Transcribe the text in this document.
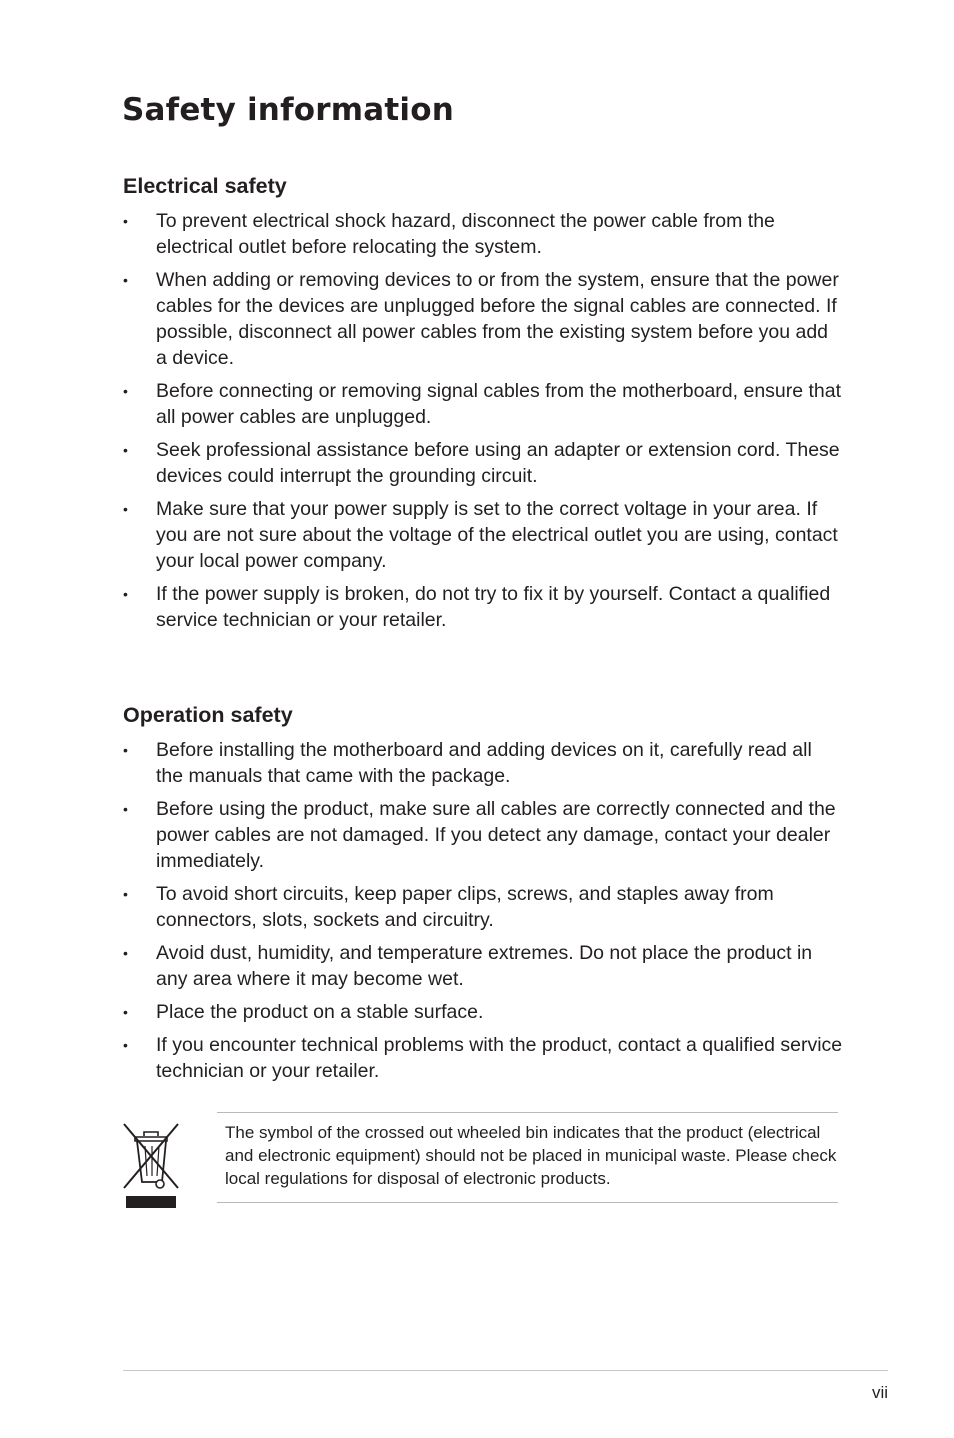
Safety information
Electrical safety
• To prevent electrical shock hazard, disconnect the power cable from the electrical outlet before relocating the system.
• When adding or removing devices to or from the system, ensure that the power cables for the devices are unplugged before the signal cables are connected. If possible, disconnect all power cables from the existing system before you add a device.
• Before connecting or removing signal cables from the motherboard, ensure that all power cables are unplugged.
• Seek professional assistance before using an adapter or extension cord. These devices could interrupt the grounding circuit.
• Make sure that your power supply is set to the correct voltage in your area. If you are not sure about the voltage of the electrical outlet you are using, contact your local power company.
• If the power supply is broken, do not try to fix it by yourself. Contact a qualified service technician or your retailer.
Operation safety
• Before installing the motherboard and adding devices on it, carefully read all the manuals that came with the package.
• Before using the product, make sure all cables are correctly connected and the power cables are not damaged. If you detect any damage, contact your dealer immediately.
• To avoid short circuits, keep paper clips, screws, and staples away from connectors, slots, sockets and circuitry.
• Avoid dust, humidity, and temperature extremes. Do not place the product in any area where it may become wet.
• Place the product on a stable surface.
• If you encounter technical problems with the product, contact a qualified service technician or your retailer.
The symbol of the crossed out wheeled bin indicates that the product (electrical and electronic equipment) should not be placed in municipal waste. Please check local regulations for disposal of electronic products.
vii
